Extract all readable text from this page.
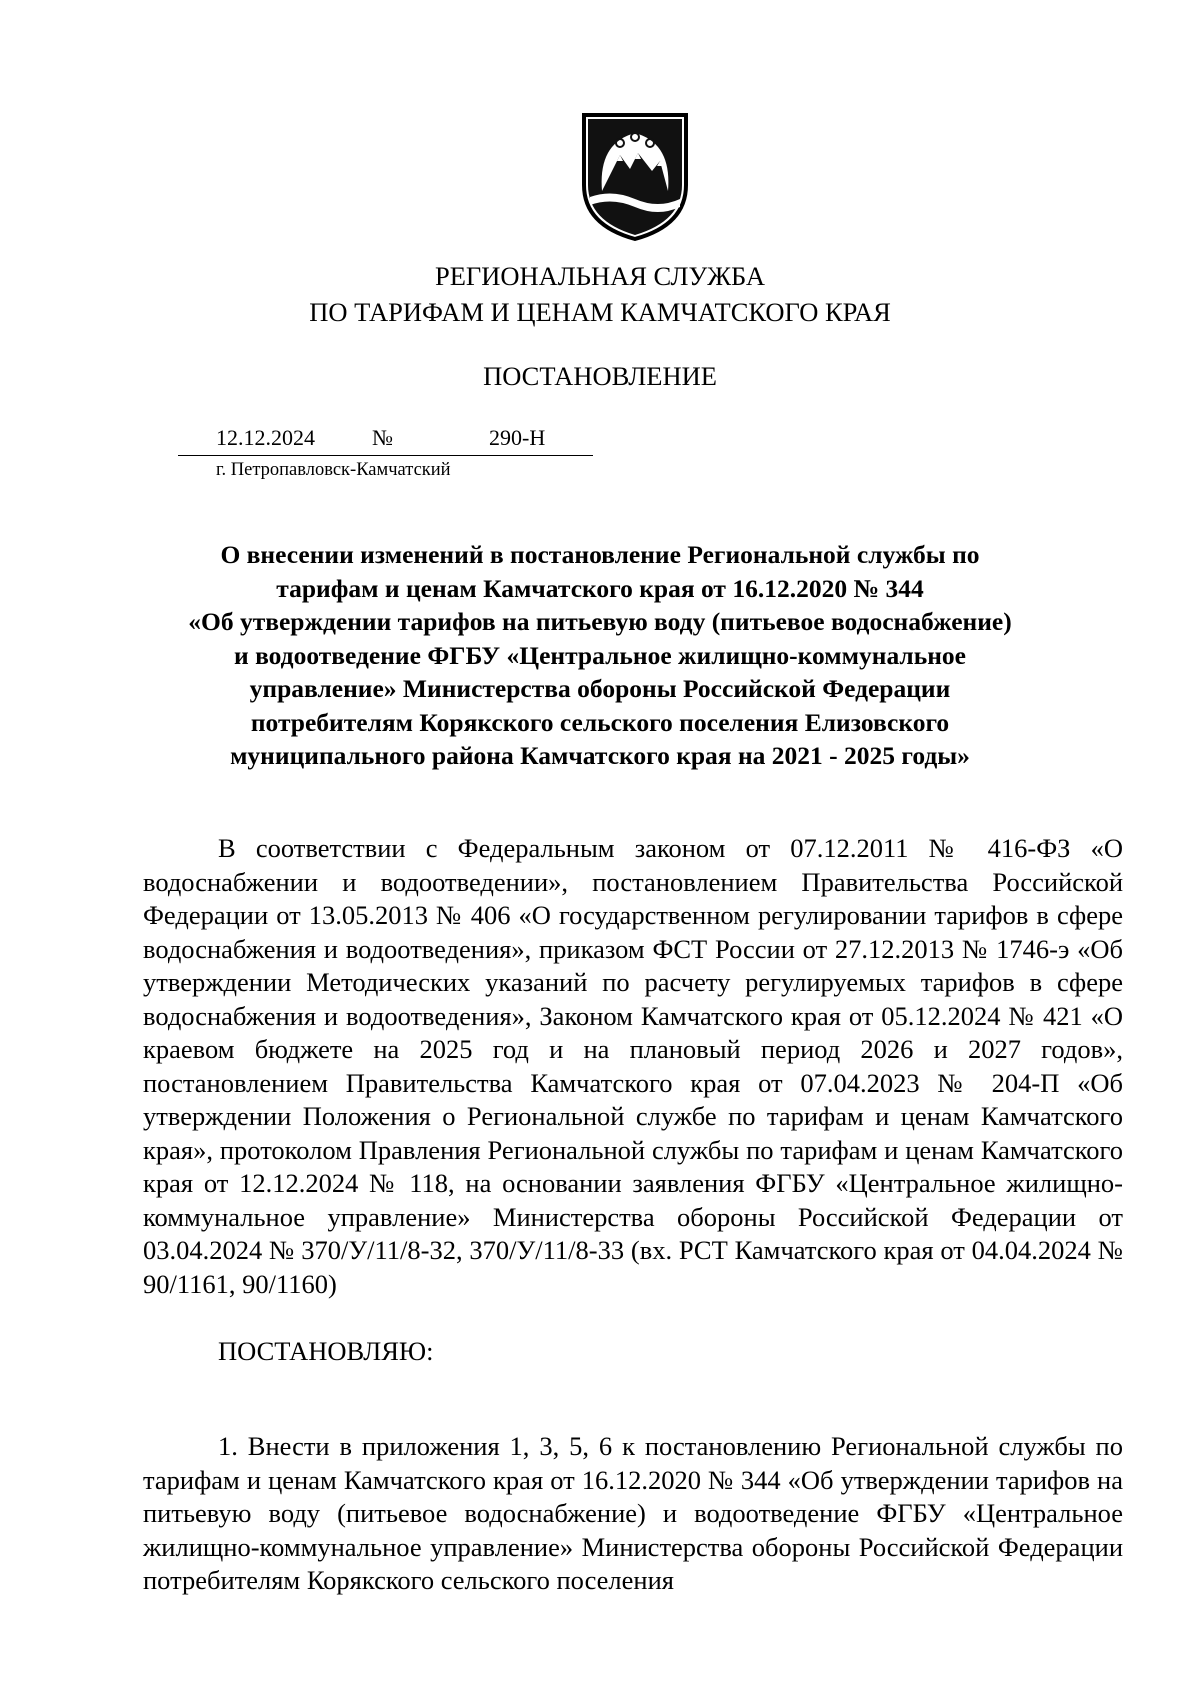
РЕГИОНАЛЬНАЯ СЛУЖБА
ПО ТАРИФАМ И ЦЕНАМ КАМЧАТСКОГО КРАЯ
ПОСТАНОВЛЕНИЕ
12.12.2024	№	290-Н
г. Петропавловск-Камчатский
О внесении изменений в постановление Региональной службы по
тарифам и ценам Камчатского края от 16.12.2020 № 344
«Об утверждении тарифов на питьевую воду (питьевое водоснабжение)
и водоотведение ФГБУ «Центральное жилищно-коммунальное
управление» Министерства обороны Российской Федерации
потребителям Корякского сельского поселения Елизовского
муниципального района Камчатского края на 2021 - 2025 годы»
В соответствии с Федеральным законом от 07.12.2011 № 416-ФЗ «О водоснабжении и водоотведении», постановлением Правительства Российской Федерации от 13.05.2013 № 406 «О государственном регулировании тарифов в сфере водоснабжения и водоотведения», приказом ФСТ России от 27.12.2013 № 1746-э «Об утверждении Методических указаний по расчету регулируемых тарифов в сфере водоснабжения и водоотведения», Законом Камчатского края от 05.12.2024 № 421 «О краевом бюджете на 2025 год и на плановый период 2026 и 2027 годов», постановлением Правительства Камчатского края от 07.04.2023 № 204-П «Об утверждении Положения о Региональной службе по тарифам и ценам Камчатского края», протоколом Правления Региональной службы по тарифам и ценам Камчатского края от 12.12.2024 № 118, на основании заявления ФГБУ «Центральное жилищно-коммунальное управление» Министерства обороны Российской Федерации от 03.04.2024 № 370/У/11/8-32, 370/У/11/8-33 (вх. РСТ Камчатского края от 04.04.2024 № 90/1161, 90/1160)
ПОСТАНОВЛЯЮ:
1. Внести в приложения 1, 3, 5, 6 к постановлению Региональной службы по тарифам и ценам Камчатского края от 16.12.2020 № 344 «Об утверждении тарифов на питьевую воду (питьевое водоснабжение) и водоотведение ФГБУ «Центральное жилищно-коммунальное управление» Министерства обороны Российской Федерации потребителям Корякского сельского поселения
